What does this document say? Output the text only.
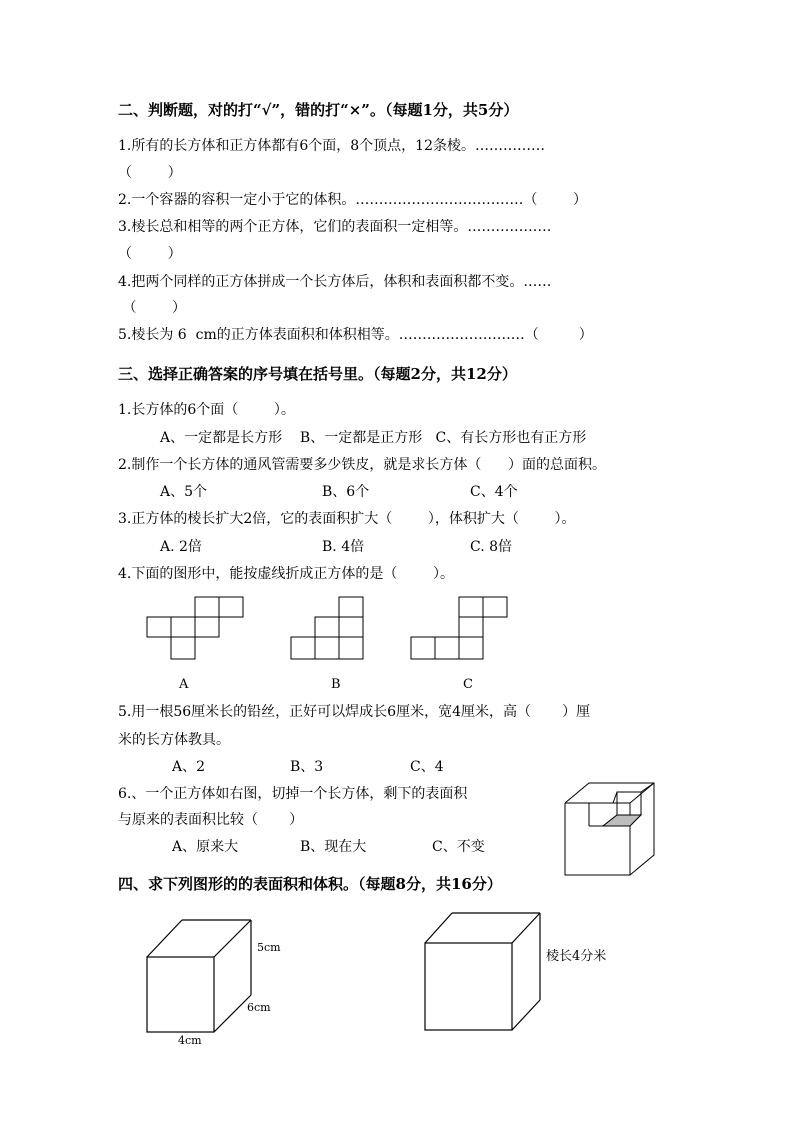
二、判断题，对的打“√”，错的打“×”。（每题1分，共5分）
1.所有的长方体和正方体都有6个面，8个顶点，12条棱。……………
（        ）
2.一个容器的容积一定小于它的体积。………………………………（        ）
3.棱长总和相等的两个正方体，它们的表面积一定相等。………………
（        ）
4.把两个同样的正方体拼成一个长方体后，体积和表面积都不变。……
（        ）
5.棱长为 6  cm的正方体表面积和体积相等。………………………（         ）
三、选择正确答案的序号填在括号里。（每题2分，共12分）
1.长方体的6个面（        ）。
A、一定都是长方形    B、一定都是正方形   C、有长方形也有正方形
2.制作一个长方体的通风管需要多少铁皮，就是求长方体（      ）面的总面积。
A、5个	B、6个	C、4个
3.正方体的棱长扩大2倍，它的表面积扩大（        ），体积扩大（        ）。
A. 2倍	B. 4倍	C. 8倍
4.下面的图形中，能按虚线折成正方体的是（        ）。
A	B	C
5.用一根56厘米长的铅丝，正好可以焊成长6厘米，宽4厘米，高（       ）厘
米的长方体教具。
A、2	B、3	C、4
6.、一个正方体如右图，切掉一个长方体，剩下的表面积
与原来的表面积比较（       ）
A、原来大	B、现在大	C、不变
四、求下列图形的的表面积和体积。（每题8分，共16分）
5cm
6cm
4cm
棱长4分米
